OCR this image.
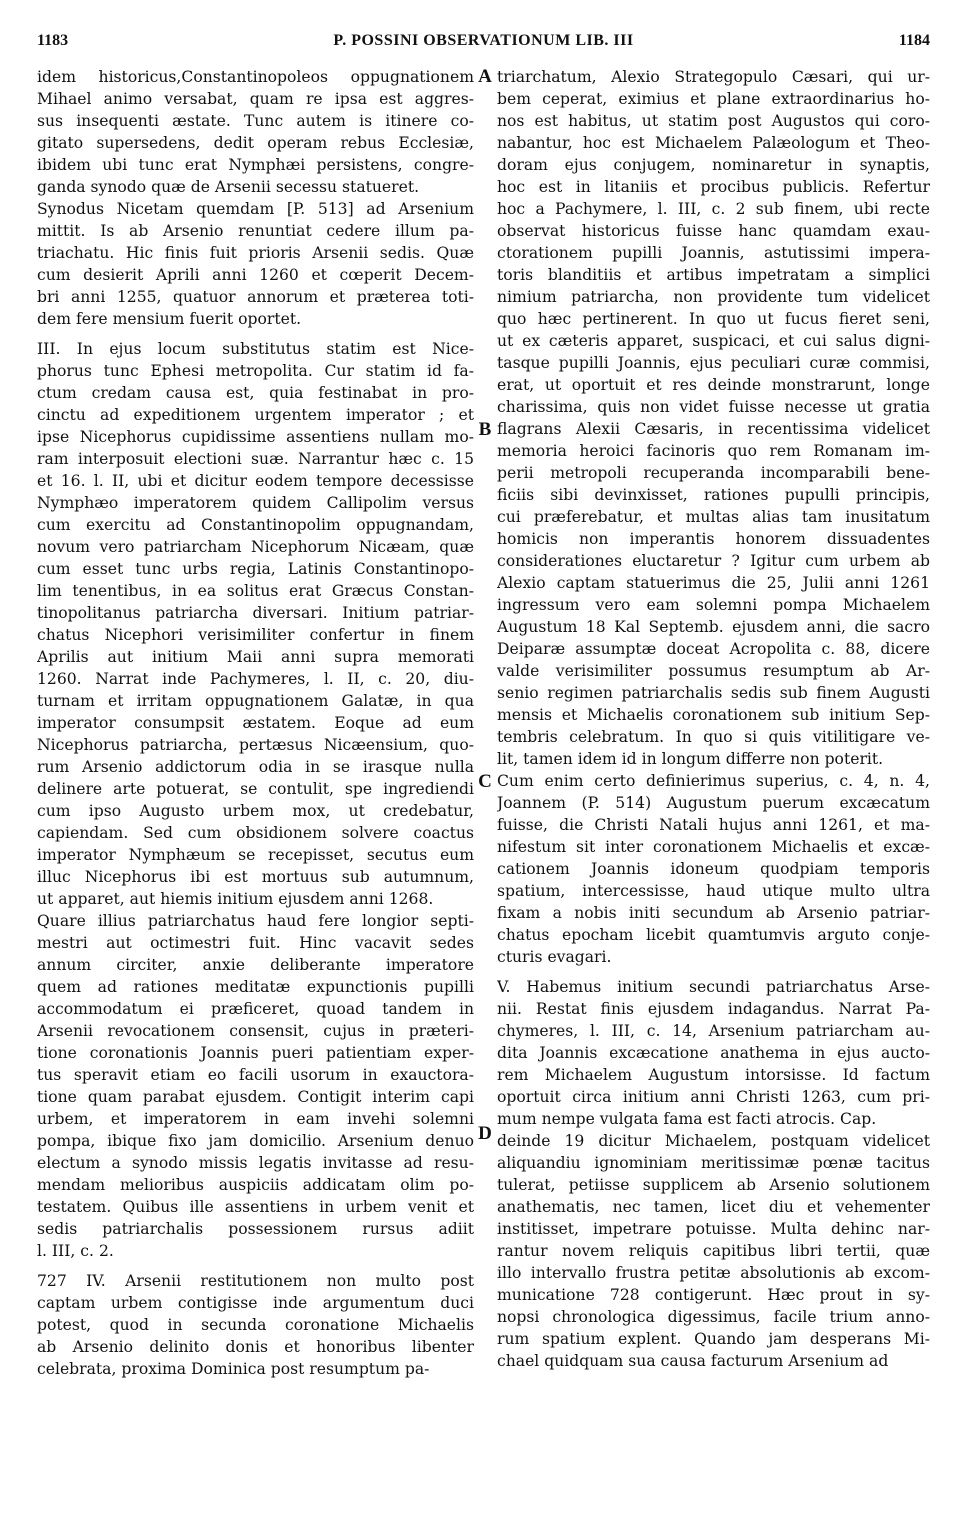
1183	P. POSSINI OBSERVATIONUM LIB. III	1184
idem historicus,Constantinopoleos oppugnationem
Mihael animo versabat, quam re ipsa est aggres-
sus insequenti æstate. Tunc autem is itinere co-
gitato supersedens, dedit operam rebus Ecclesiæ,
ibidem ubi tunc erat Nymphæi persistens, congre-
ganda synodo quæ de Arsenii secessu statueret.
Synodus Nicetam quemdam [P. 513] ad Arsenium
mittit. Is ab Arsenio renuntiat cedere illum pa-
triachatu. Hic finis fuit prioris Arsenii sedis. Quæ
cum desierit Aprili anni 1260 et cœperit Decem-
bri anni 1255, quatuor annorum et præterea toti-
dem fere mensium fuerit oportet.
III. In ejus locum substitutus statim est Nice-
phorus tunc Ephesi metropolita. Cur statim id fa-
ctum credam causa est, quia festinabat in pro-
cinctu ad expeditionem urgentem imperator ; et
ipse Nicephorus cupidissime assentiens nullam mo-
ram interposuit electioni suæ. Narrantur hæc c. 15
et 16. l. II, ubi et dicitur eodem tempore decessisse
Nymphæo imperatorem quidem Callipolim versus
cum exercitu ad Constantinopolim oppugnandam,
novum vero patriarcham Nicephorum Nicæam, quæ
cum esset tunc urbs regia, Latinis Constantinopo-
lim tenentibus, in ea solitus erat Græcus Constan-
tinopolitanus patriarcha diversari. Initium patriar-
chatus Nicephori verisimiliter confertur in finem
Aprilis aut initium Maii anni supra memorati
1260. Narrat inde Pachymeres, l. II, c. 20, diu-
turnam et irritam oppugnationem Galatæ, in qua
imperator consumpsit æstatem. Eoque ad eum
Nicephorus patriarcha, pertæsus Nicæensium, quo-
rum Arsenio addictorum odia in se irasque nulla
delinere arte potuerat, se contulit, spe ingrediendi
cum ipso Augusto urbem mox, ut credebatur,
capiendam. Sed cum obsidionem solvere coactus
imperator Nymphæum se recepisset, secutus eum
illuc Nicephorus ibi est mortuus sub autumnum,
ut apparet, aut hiemis initium ejusdem anni 1268.
Quare illius patriarchatus haud fere longior septi-
mestri aut octimestri fuit. Hinc vacavit sedes
annum circiter, anxie deliberante imperatore
quem ad rationes meditatæ expunctionis pupilli
accommodatum ei præficeret, quoad tandem in
Arsenii revocationem consensit, cujus in præteri-
tione coronationis Joannis pueri patientiam exper-
tus speravit etiam eo facili usorum in exauctora-
tione quam parabat ejusdem. Contigit interim capi
urbem, et imperatorem in eam invehi solemni
pompa, ibique fixo jam domicilio. Arsenium denuo
electum a synodo missis legatis invitasse ad resu-
mendam melioribus auspiciis addicatam olim po-
testatem. Quibus ille assentiens in urbem venit et
sedis patriarchalis possessionem rursus adiit
l. III, c. 2.
727 IV. Arsenii restitutionem non multo post
captam urbem contigisse inde argumentum duci
potest, quod in secunda coronatione Michaelis
ab Arsenio delinito donis et honoribus libenter
celebrata, proxima Dominica post resumptum pa-
triarchatum, Alexio Strategopulo Cæsari, qui ur-
bem ceperat, eximius et plane extraordinarius ho-
nos est habitus, ut statim post Augustos qui coro-
nabantur, hoc est Michaelem Palæologum et Theo-
doram ejus conjugem, nominaretur in synaptis,
hoc est in litaniis et procibus publicis. Refertur
hoc a Pachymere, l. III, c. 2 sub finem, ubi recte
observat historicus fuisse hanc quamdam exau-
ctorationem pupilli Joannis, astutissimi impera-
toris blanditiis et artibus impetratam a simplici
nimium patriarcha, non providente tum videlicet
quo hæc pertinerent. In quo ut fucus fieret seni,
ut ex cæteris apparet, suspicaci, et cui salus digni-
tasque pupilli Joannis, ejus peculiari curæ commisi,
erat, ut oportuit et res deinde monstrarunt, longe
charissima, quis non videt fuisse necesse ut gratia
flagrans Alexii Cæsaris, in recentissima videlicet
memoria heroici facinoris quo rem Romanam im-
perii metropoli recuperanda incomparabili bene-
ficiis sibi devinxisset, rationes pupulli principis,
cui præferebatur, et multas alias tam inusitatum
homicis non imperantis honorem dissuadentes
considerationes eluctaretur ? Igitur cum urbem ab
Alexio captam statuerimus die 25, Julii anni 1261
ingressum vero eam solemni pompa Michaelem
Augustum 18 Kal Septemb. ejusdem anni, die sacro
Deiparæ assumptæ doceat Acropolita c. 88, dicere
valde verisimiliter possumus resumptum ab Ar-
senio regimen patriarchalis sedis sub finem Augusti
mensis et Michaelis coronationem sub initium Sep-
tembris celebratum. In quo si quis vitilitigare ve-
lit, tamen idem id in longum differre non poterit.
Cum enim certo definierimus superius, c. 4, n. 4,
Joannem (P. 514) Augustum puerum excæcatum
fuisse, die Christi Natali hujus anni 1261, et ma-
nifestum sit inter coronationem Michaelis et excæ-
cationem Joannis idoneum quodpiam temporis
spatium, intercessisse, haud utique multo ultra
fixam a nobis initi secundum ab Arsenio patriar-
chatus epocham licebit quamtumvis arguto conje-
cturis evagari.
V. Habemus initium secundi patriarchatus Arse-
nii. Restat finis ejusdem indagandus. Narrat Pa-
chymeres, l. III, c. 14, Arsenium patriarcham au-
dita Joannis excæcatione anathema in ejus aucto-
rem Michaelem Augustum intorsisse. Id factum
oportuit circa initium anni Christi 1263, cum pri-
mum nempe vulgata fama est facti atrocis. Cap.
deinde 19 dicitur Michaelem, postquam videlicet
aliquandiu ignominiam meritissimæ pœnæ tacitus
tulerat, petiisse supplicem ab Arsenio solutionem
anathematis, nec tamen, licet diu et vehementer
institisset, impetrare potuisse. Multa dehinc nar-
rantur novem reliquis capitibus libri tertii, quæ
illo intervallo frustra petitæ absolutionis ab excom-
municatione 728 contigerunt. Hæc prout in sy-
nopsi chronologica digessimus, facile trium anno-
rum spatium explent. Quando jam desperans Mi-
chael quidquam sua causa facturum Arsenium ad
A
B
C
D
